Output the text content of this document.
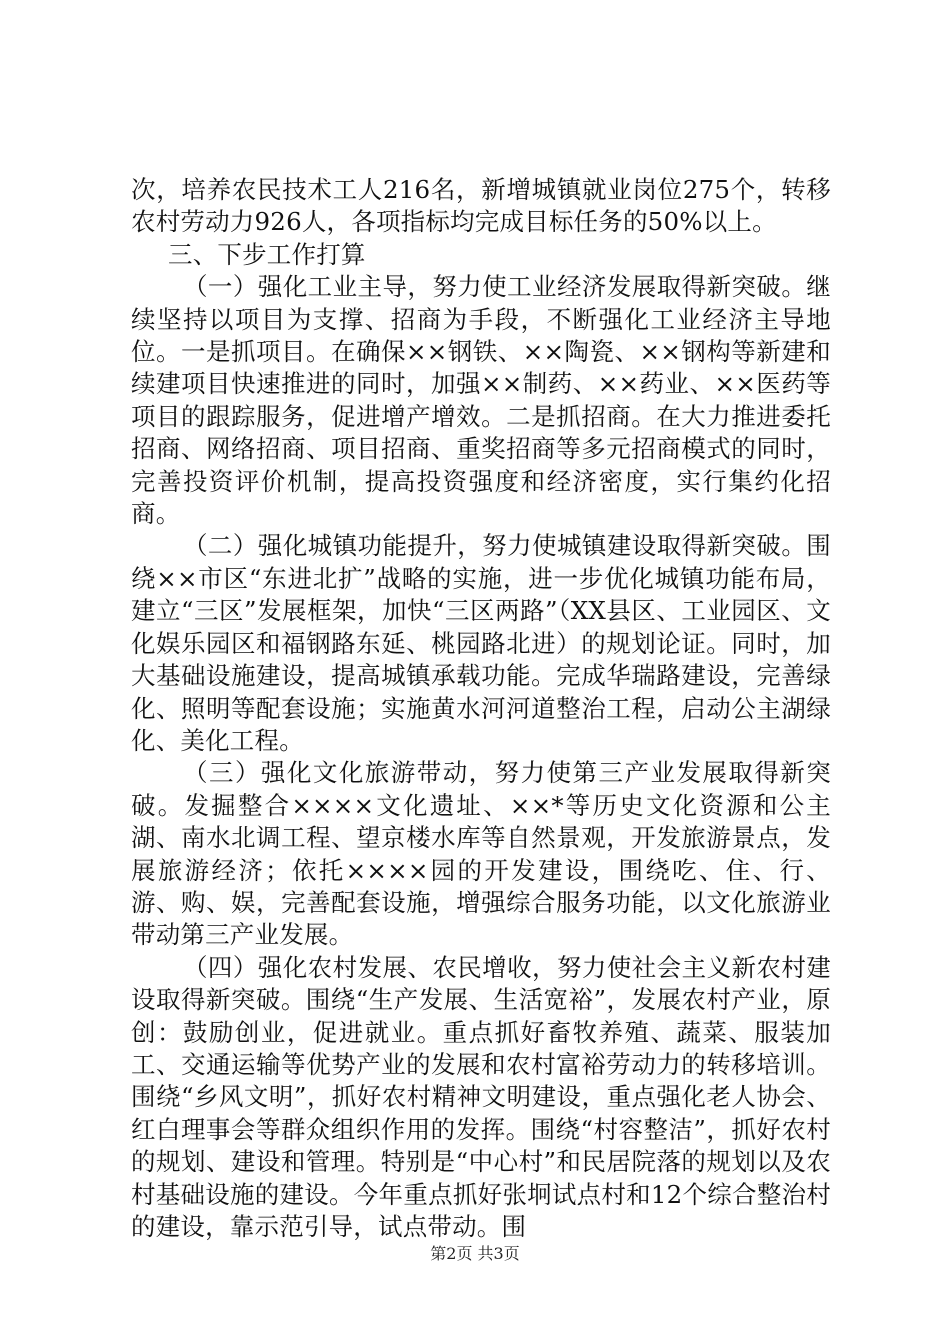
次，培养农民技术工人216名，新增城镇就业岗位275个，转移农村劳动力926人，各项指标均完成目标任务的50%以上。

三、下步工作打算

（一）强化工业主导，努力使工业经济发展取得新突破。继续坚持以项目为支撑、招商为手段，不断强化工业经济主导地位。一是抓项目。在确保××钢铁、××陶瓷、××钢构等新建和续建项目快速推进的同时，加强××制药、××药业、××医药等项目的跟踪服务，促进增产增效。二是抓招商。在大力推进委托招商、网络招商、项目招商、重奖招商等多元招商模式的同时，完善投资评价机制，提高投资强度和经济密度，实行集约化招商。

（二）强化城镇功能提升，努力使城镇建设取得新突破。围绕××市区“东进北扩”战略的实施，进一步优化城镇功能布局，建立“三区”发展框架，加快“三区两路”（XX县区、工业园区、文化娱乐园区和福钢路东延、桃园路北进）的规划论证。同时，加大基础设施建设，提高城镇承载功能。完成华瑞路建设，完善绿化、照明等配套设施；实施黄水河河道整治工程，启动公主湖绿化、美化工程。

（三）强化文化旅游带动，努力使第三产业发展取得新突破。发掘整合××××文化遗址、××*等历史文化资源和公主湖、南水北调工程、望京楼水库等自然景观，开发旅游景点，发展旅游经济；依托××××园的开发建设，围绕吃、住、行、游、购、娱，完善配套设施，增强综合服务功能，以文化旅游业带动第三产业发展。

（四）强化农村发展、农民增收，努力使社会主义新农村建设取得新突破。围绕“生产发展、生活宽裕”，发展农村产业，原创：鼓励创业，促进就业。重点抓好畜牧养殖、蔬菜、服装加工、交通运输等优势产业的发展和农村富裕劳动力的转移培训。围绕“乡风文明”，抓好农村精神文明建设，重点强化老人协会、红白理事会等群众组织作用的发挥。围绕“村容整洁”，抓好农村的规划、建设和管理。特别是“中心村”和民居院落的规划以及农村基础设施的建设。今年重点抓好张坰试点村和12个综合整治村的建设，靠示范引导，试点带动。围

第2页 共3页
